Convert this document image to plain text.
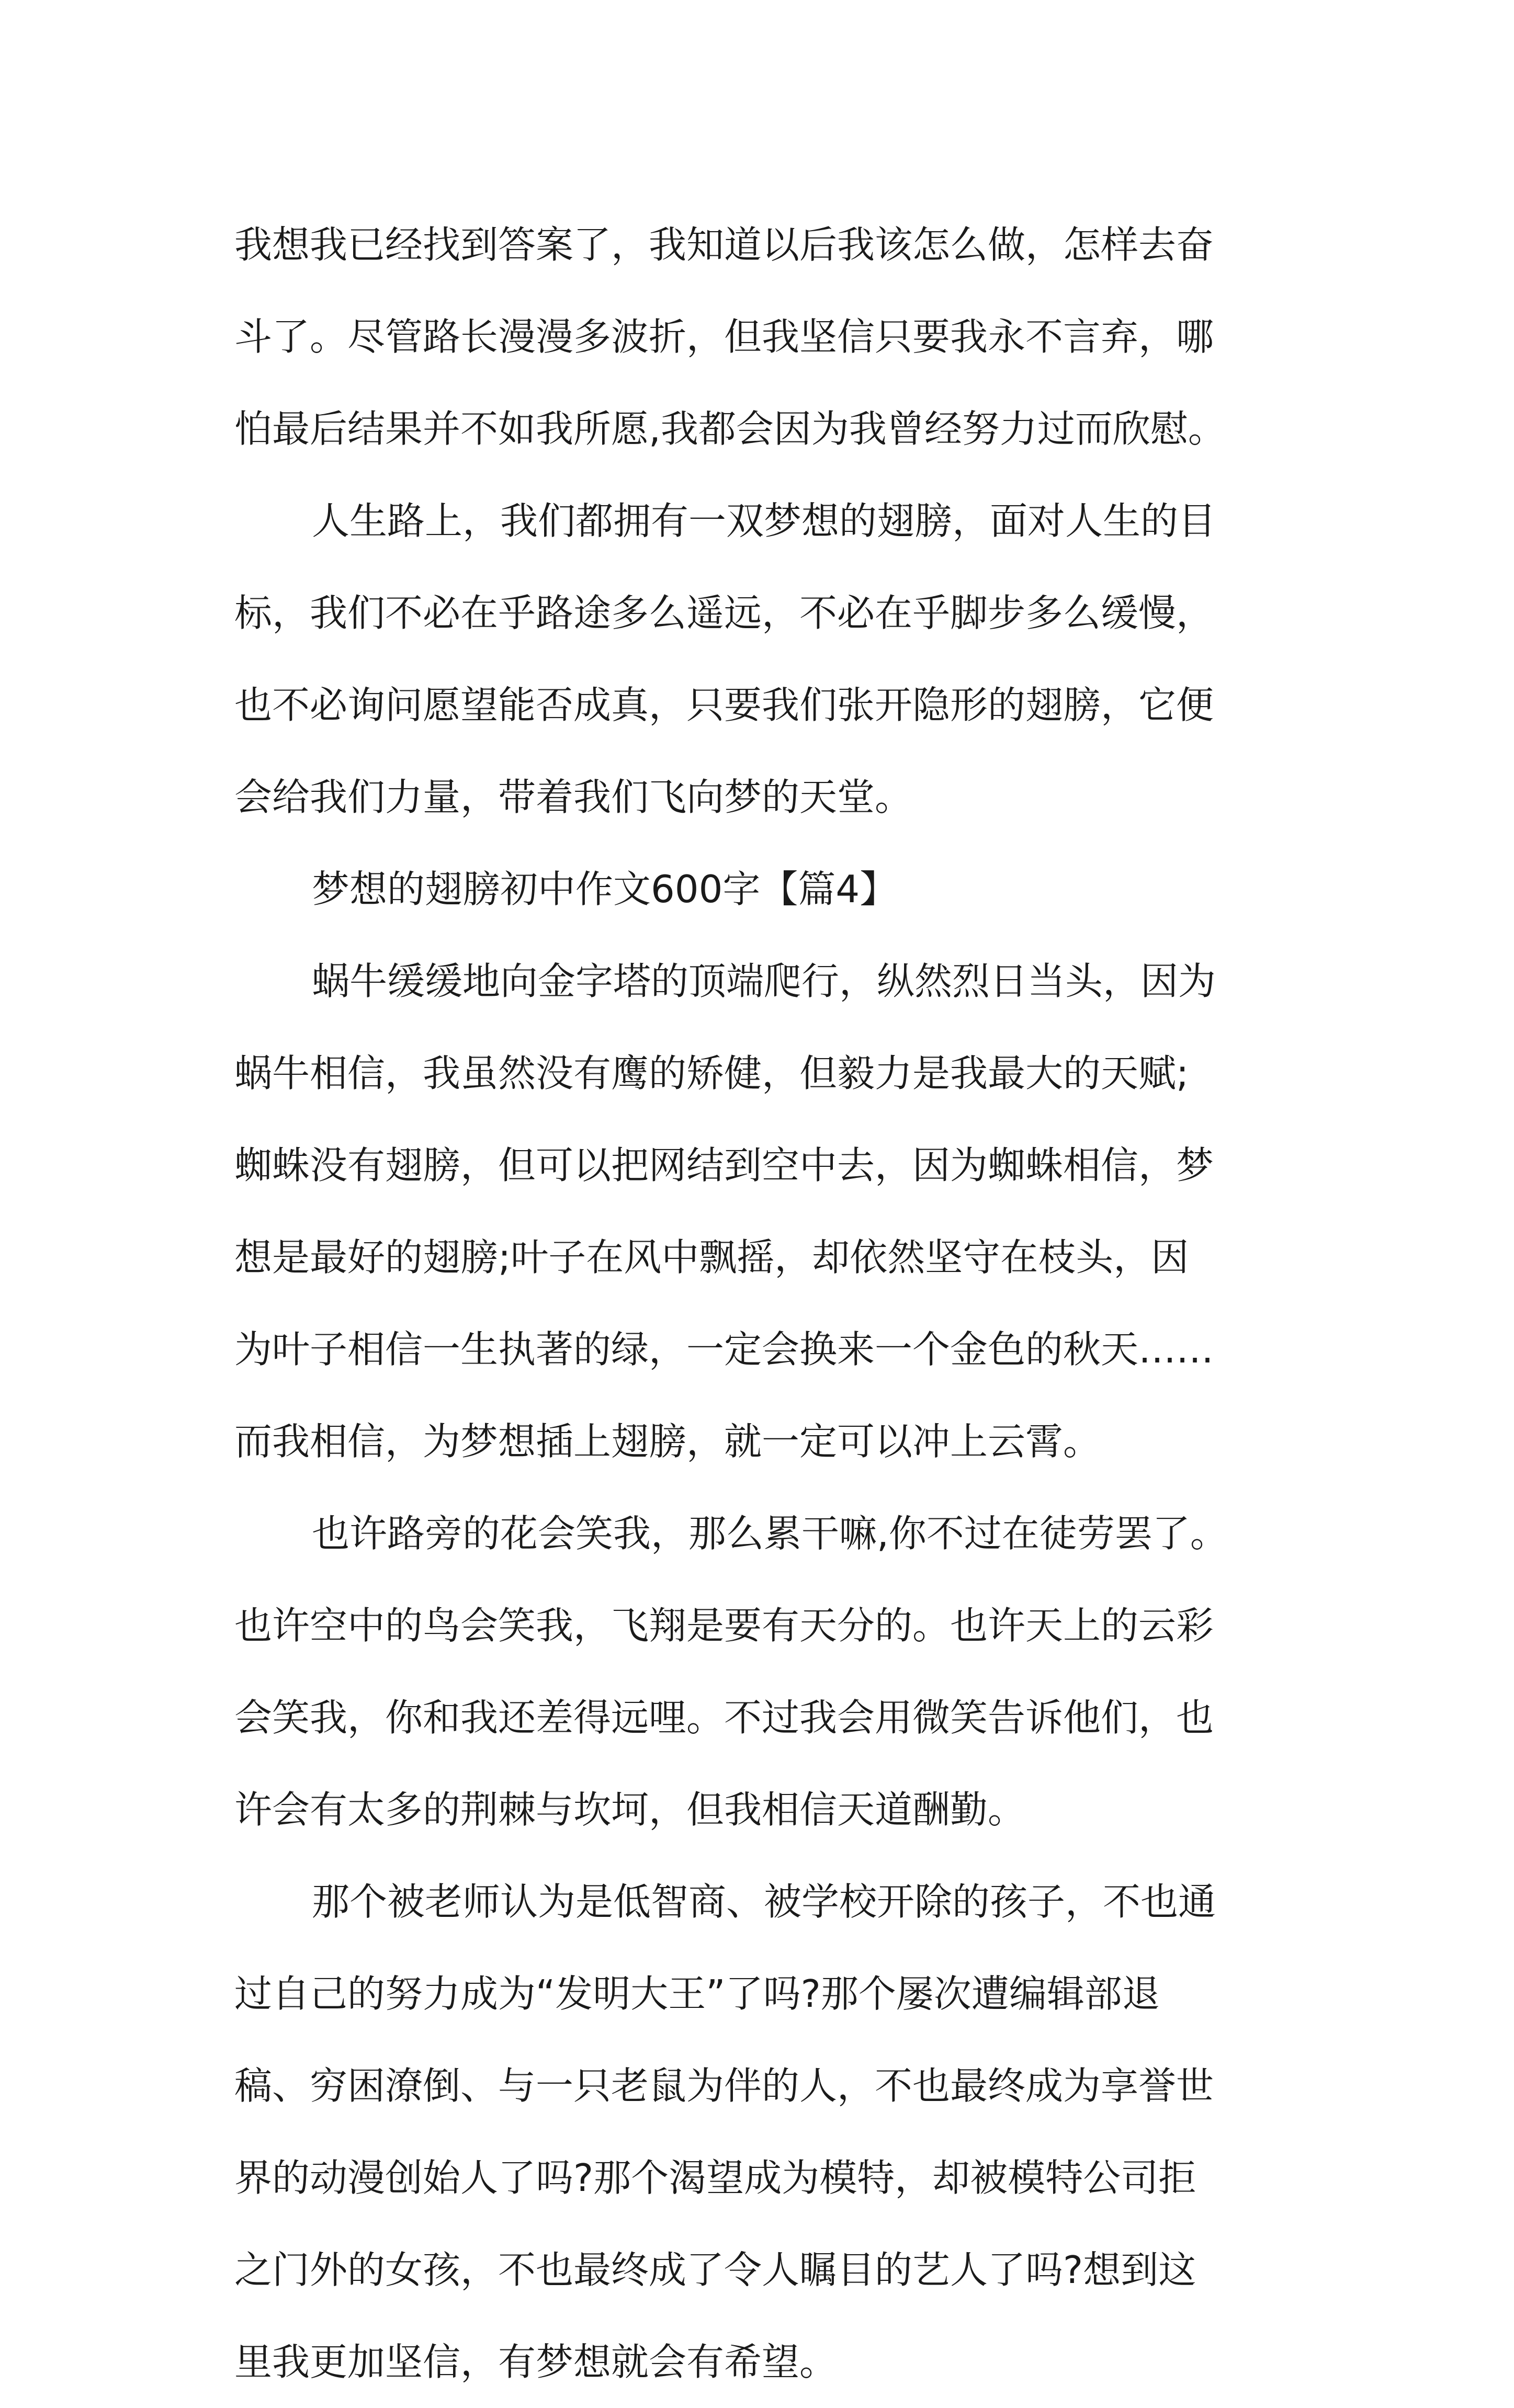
我想我已经找到答案了，我知道以后我该怎么做，怎样去奋
斗了。尽管路长漫漫多波折，但我坚信只要我永不言弃，哪
怕最后结果并不如我所愿,我都会因为我曾经努力过而欣慰。
人生路上，我们都拥有一双梦想的翅膀，面对人生的目
标，我们不必在乎路途多么遥远，不必在乎脚步多么缓慢，
也不必询问愿望能否成真，只要我们张开隐形的翅膀，它便
会给我们力量，带着我们飞向梦的天堂。
梦想的翅膀初中作文600字【篇4】
蜗牛缓缓地向金字塔的顶端爬行，纵然烈日当头，因为
蜗牛相信，我虽然没有鹰的矫健，但毅力是我最大的天赋;
蜘蛛没有翅膀，但可以把网结到空中去，因为蜘蛛相信，梦
想是最好的翅膀;叶子在风中飘摇，却依然坚守在枝头，因
为叶子相信一生执著的绿，一定会换来一个金色的秋天……
而我相信，为梦想插上翅膀，就一定可以冲上云霄。
也许路旁的花会笑我，那么累干嘛,你不过在徒劳罢了。
也许空中的鸟会笑我，飞翔是要有天分的。也许天上的云彩
会笑我，你和我还差得远哩。不过我会用微笑告诉他们，也
许会有太多的荆棘与坎坷，但我相信天道酬勤。
那个被老师认为是低智商、被学校开除的孩子，不也通
过自己的努力成为“发明大王”了吗?那个屡次遭编辑部退
稿、穷困潦倒、与一只老鼠为伴的人，不也最终成为享誉世
界的动漫创始人了吗?那个渴望成为模特，却被模特公司拒
之门外的女孩，不也最终成了令人瞩目的艺人了吗?想到这
里我更加坚信，有梦想就会有希望。
